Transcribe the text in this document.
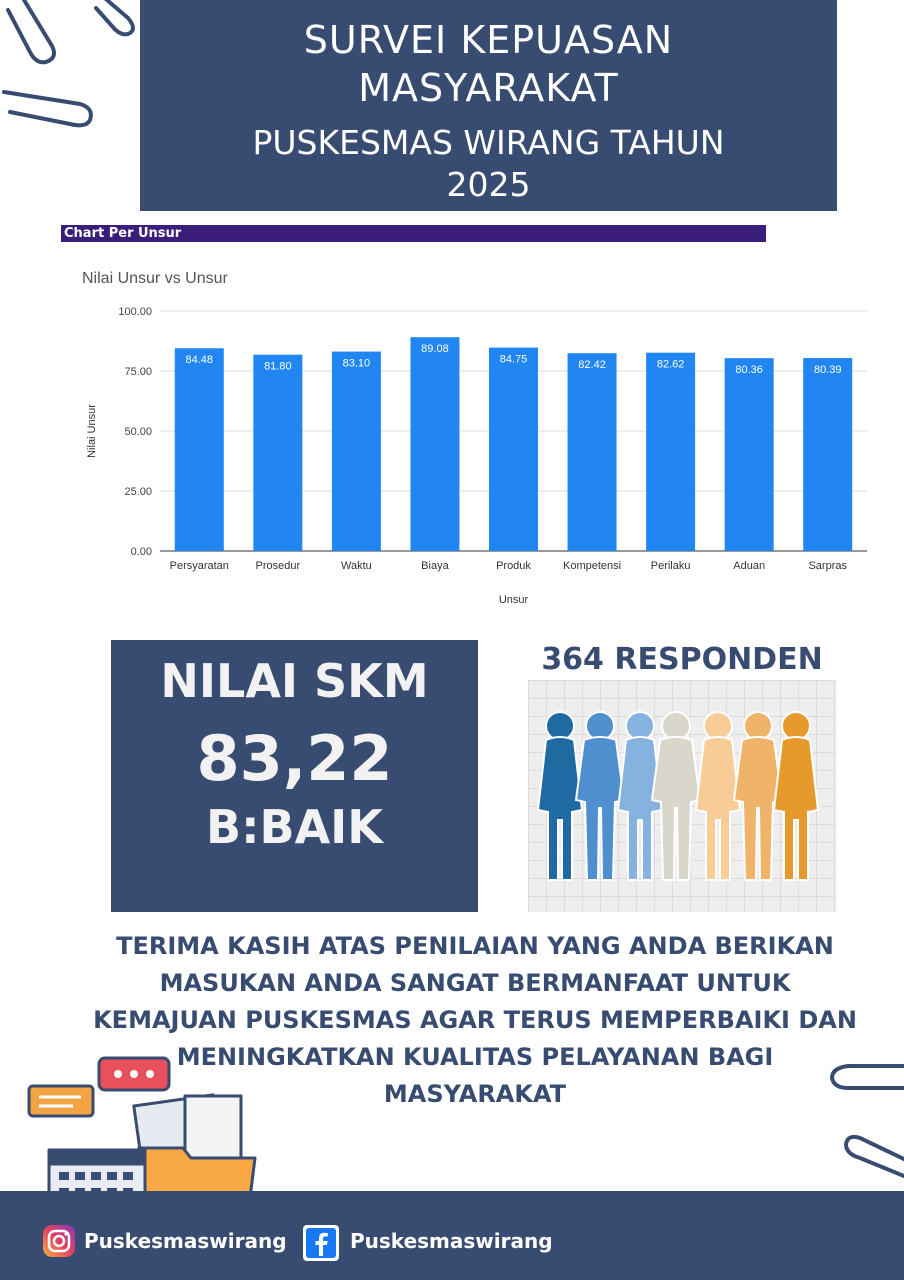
SURVEI KEPUASAN
MASYARAKAT
PUSKESMAS WIRANG TAHUN
2025
Chart Per Unsur
Nilai Unsur vs Unsur
0.00
25.00
50.00
75.00
100.00
84.48
Persyaratan
81.80
Prosedur
83.10
Waktu
89.08
Biaya
84.75
Produk
82.42
Kompetensi
82.62
Perilaku
80.36
Aduan
80.39
Sarpras
Unsur
Nilai Unsur
NILAI SKM
83,22
B:BAIK
364 RESPONDEN
TERIMA KASIH ATAS PENILAIAN YANG ANDA BERIKAN
MASUKAN ANDA SANGAT BERMANFAAT UNTUK
KEMAJUAN PUSKESMAS AGAR TERUS MEMPERBAIKI DAN
MENINGKATKAN KUALITAS PELAYANAN BAGI
MASYARAKAT
Puskesmaswirang	Puskesmaswirang
